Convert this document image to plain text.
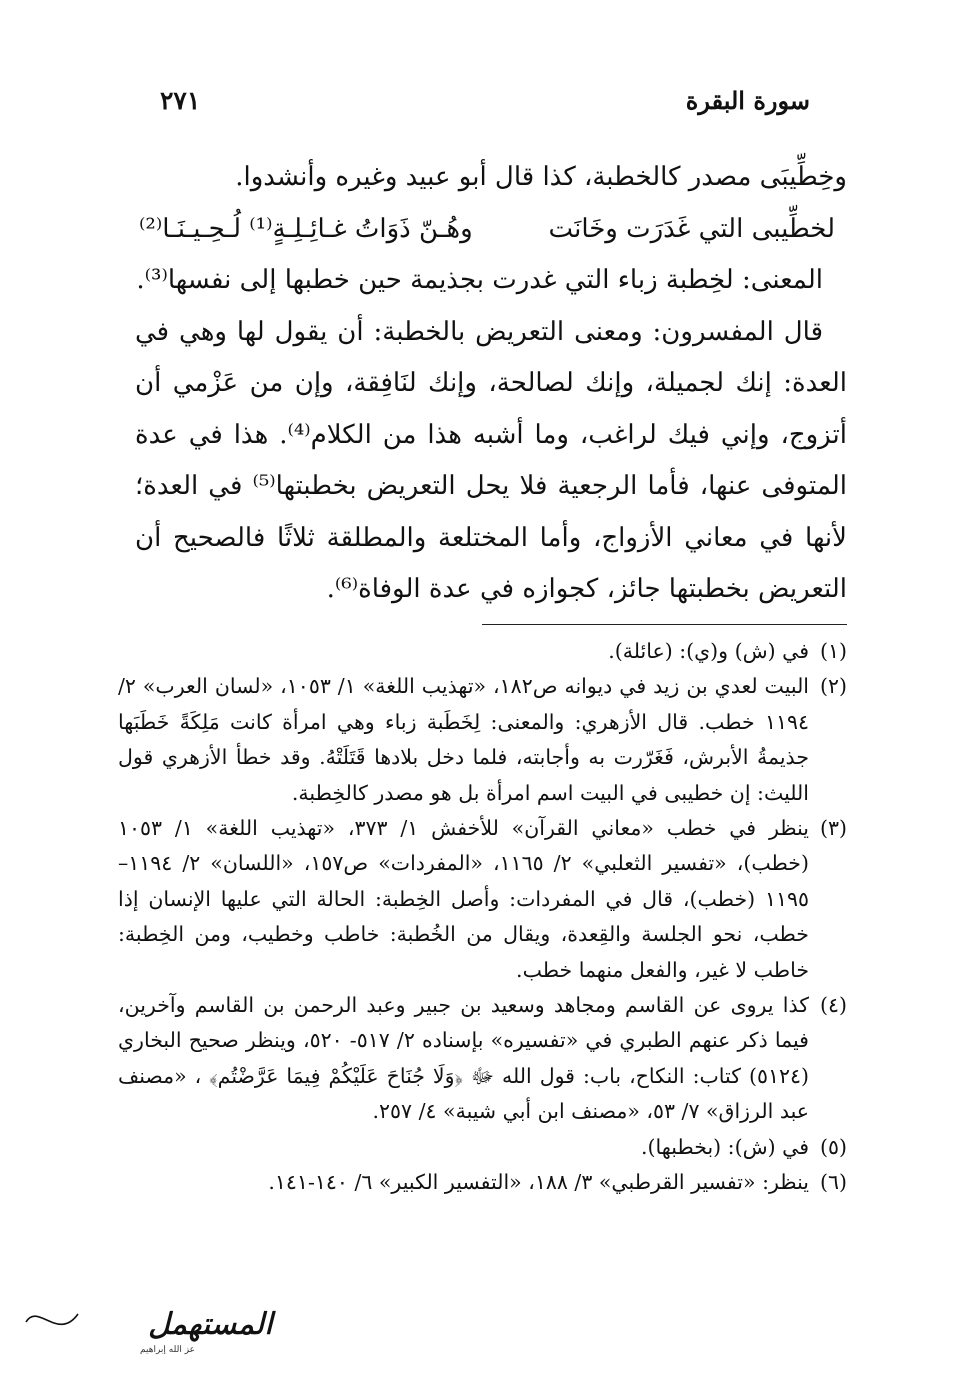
سورة البقرة
٢٧١

وخِطِّيبَى مصدر كالخطبة، كذا قال أبو عبيد وغيره وأنشدوا.

لخطِّيبى التي غَدَرَت وخَانَت
وهُـنّ ذَوَاتُ غـائِـلِـةٍ⁽¹⁾ لُـحِـيـنَـا⁽²⁾

المعنى: لخِطبة زباء التي غدرت بجذيمة حين خطبها إلى نفسها⁽³⁾.

قال المفسرون: ومعنى التعريض بالخطبة: أن يقول لها وهي في العدة: إنك لجميلة، وإنك لصالحة، وإنك لنَافِقة، وإن من عَزْمي أن أتزوج، وإني فيك لراغب، وما أشبه هذا من الكلام⁽⁴⁾. هذا في عدة المتوفى عنها، فأما الرجعية فلا يحل التعريض بخطبتها⁽⁵⁾ في العدة؛ لأنها في معاني الأزواج، وأما المختلعة والمطلقة ثلاثًا فالصحيح أن التعريض بخطبتها جائز، كجوازه في عدة الوفاة⁽⁶⁾.

(١)
في (ش) و(ي): (عائلة).
(٢)
البيت لعدي بن زيد في ديوانه ص١٨٢، «تهذيب اللغة» ١/ ١٠٥٣، «لسان العرب» ٢/ ١١٩٤ خطب. قال الأزهري: والمعنى: لِخَطَبة زباء وهي امرأة كانت مَلِكَةً خَطَبَها جذيمةُ الأبرش، فَغَرّرت به وأجابته، فلما دخل بلادها قَتَلَتْهُ. وقد خطأ الأزهري قول الليث: إن خطيبى في البيت اسم امرأة بل هو مصدر كالخِطبة.
(٣)
ينظر في خطب «معاني القرآن» للأخفش ١/ ٣٧٣، «تهذيب اللغة» ١/ ١٠٥٣ (خطب)، «تفسير الثعلبي» ٢/ ١١٦٥، «المفردات» ص١٥٧، «اللسان» ٢/ ١١٩٤– ١١٩٥ (خطب)، قال في المفردات: وأصل الخِطبة: الحالة التي عليها الإنسان إذا خطب، نحو الجلسة والقِعدة، ويقال من الخُطبة: خاطب وخطيب، ومن الخِطبة: خاطب لا غير، والفعل منهما خطب.
(٤)
كذا يروى عن القاسم ومجاهد وسعيد بن جبير وعبد الرحمن بن القاسم وآخرين، فيما ذكر عنهم الطبري في «تفسيره» بإسناده ٢/ ٥١٧- ٥٢٠، وينظر صحيح البخاري (٥١٢٤) كتاب: النكاح، باب: قول الله ﷻ ﴿وَلَا جُنَاحَ عَلَيْكُمْ فِيمَا عَرَّضْتُم﴾ ، «مصنف عبد الرزاق» ٧/ ٥٣، «مصنف ابن أبي شيبة» ٤/ ٢٥٧.
(٥)
في (ش): (بخطبها).
(٦)
ينظر: «تفسير القرطبي» ٣/ ١٨٨، «التفسير الكبير» ٦/ ١٤٠-١٤١.
المستهمل
عز الله إبراهيم
